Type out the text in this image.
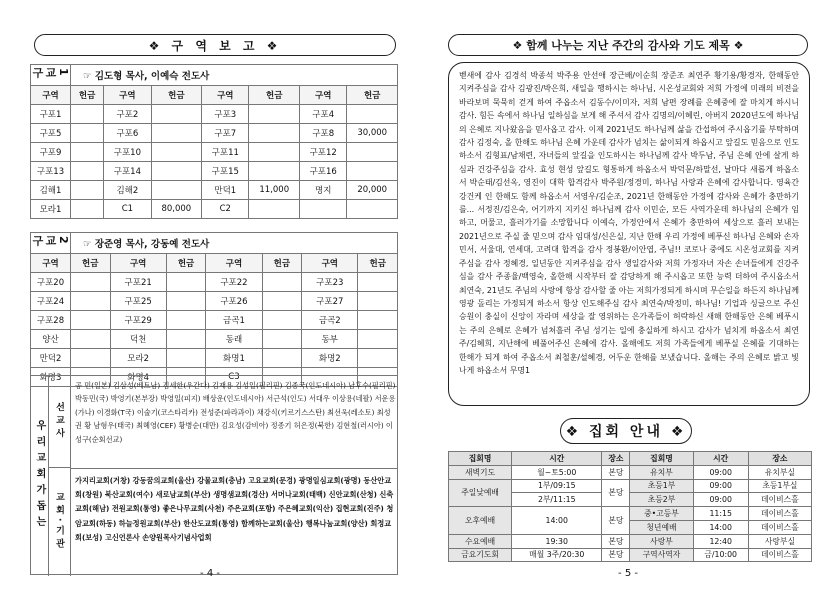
❖ 구 역 보 고 ❖
1교구	☞ 김도형 목사, 이예슥 전도사						
구역	헌금	구역	헌금	구역	헌금	구역	헌금
구포1		구포2		구포3		구포4	
구포5		구포6		구포7		구포8	30,000
구포9		구포10		구포11		구포12	
구포13		구포14		구포15		구포16	
김해1		김해2		만덕1	11,000	명지	20,000
모라1		C1	80,000	C2			
2교구	☞ 장준영 목사, 강동예 전도사						
구역	헌금	구역	헌금	구역	헌금	구역	헌금
구포20		구포21		구포22		구포23	
구포24		구포25		구포26		구포27	
구포28		구포29		금곡1		금곡2	
양산		덕천		동래		동부	
만덕2		모라2		화명1		화명2	
화명3		화명4		C3			
우리교회가돕는	선교사
교회·기관
공 민(일본) 김삼성(베트남) 김세한(우간다) 김재용 김성일(필리핀) 김종국(인도네시아) 남후수(필리핀) 박동민(국) 박영기(본부장) 박영일(피지) 배상운(인도네시아) 서근석(인도) 서대우 이상용(네팔) 서운용(가나) 이경화(T국) 이술기(코스타리카) 전성준(파라과이) 채강식(키르기스스탄) 최선욱(레소토) 최성권 황 남형우(태국) 최혜영(CEF) 황병순(대만) 김요성(감비아) 정종기 허은정(북한) 김현철(러시아) 이성구(순회선교)
가지리교회(거창) 강동꿈의교회(울산) 강물교회(충남) 고요교회(문경) 광명일심교회(광명) 동산안교회(창원) 북산교회(여수) 새로남교회(부산) 생명샘교회(경산) 서머나교회(태백) 신안교회(산청) 신축교회(해남) 전원교회(통영) 좋은나무교회(사천) 주은교회(포항) 주은혜교회(익산) 집현교회(진주) 청암교회(하동) 하늘정원교회(부산) 한산도교회(통영) 함께하는교회(울산) 행복나눔교회(양산) 회정교회(보성) 고신언론사 손양원목사기념사업회
- 4 -
❖ 함께 나누는 지난 주간의 감사와 기도 제목 ❖
벧새에 감사 김경석 박종석 박주용 안선애 장근배/이순희 장준조 최연주 황기용/황경자, 한해동안 지켜주심을 감사 김광진/박은희, 새일을 행하시는 하나님, 시온성교회와 저희 가정에 미래의 비전을 바라보며 묵묵히 걷게 하여 주옵소서 김동수/이미자, 저희 남편 장례를 은혜중에 잘 마치게 하시니 감사. 힘든 속에서 하나님 일하심을 보게 해 주셔서 감사 김명의/이혜린, 아버지 2020년도에 하나님의 은혜로 지나왔음을 믿사옵고 감사. 이제 2021년도 하나님께 삶을 간섭하여 주시옵기를 부탁하며 감사 김정숙, 올 한해도 하나님 은혜 가운데 감사가 넘치는 삶이되게 하옵시고 앞길도 믿음으로 인도하소서 김형표/남채련, 자녀들의 앞길을 인도하시는 하나님께 감사 박두남, 주님 은혜 안에 살게 하심과 건강주심을 감사. 효성 현성 앞길도 형통하게 하옵소서 박덕문/하말선, 날마다 새롭게 하옵소서 박순태/김선옥, 영진이 대학 합격감사 박주원/정경미, 하나님 사랑과 은혜에 감사합니다. 영육간 강건케 인 한해도 함께 하옵소서 서영우/김순조, 2021년 한해동안 가정에 감사와 은혜가 충만하기를... 서정진/김은숙, 어기까지 지키신 하나님께 감사 이민순, 모든 사역가운데 하나님의 은혜가 임하고, 머물고, 흘러가기를 소망합니다 이예슥, 가정안에서 은혜가 충만하여 세상으로 흘러 보내는 2021년으로 주실 줄 믿으며 감사 임대성/신은실, 지난 한해 우리 가정에 베푸신 하나님 은혜와 손자 민서, 서울대, 연세대, 고려대 합격을 감사 정봉환/이안엽, 주님!! 코로나 중에도 시온성교회를 지켜주심을 감사 정혜경, 일년동안 지켜주심을 감사 생일감사와 저희 가정자녀 자손 손녀들에게 건강주심을 감사 주종율/백영숙, 올한해 시작부터 잘 감당하게 해 주시옵고 또한 능력 더하여 주시옵소서 최연숙, 21년도 주님의 사랑에 항상 감사할 줄 아는 저희가정되게 하시며 무슨일을 하든지 하나님께 영광 돌리는 가정되게 하소서 항상 인도해주심 감사 최연숙/박정미, 하나님! 기업과 싱글으로 주신 승원이 충실이 신앙이 자라며 세상을 잘 영위하는 은가족들이 허락하신 새해 한해동안 은혜 베푸시는 주의 은혜로 은혜가 넘쳐흘러 주님 성기는 일에 충실하게 하시고 감사가 넘치게 하옵소서 최연주/김혜희, 지난해에 베풀어주신 은혜에 감사. 올해에도 저희 가족들에게 베푸실 은혜를 기대하는 한해가 되게 하여 주옵소서 최철훈/설혜경, 어두운 한해를 보냈습니다. 올해는 주의 은혜로 밝고 빛나게 하옵소서 무명1
❖ 집회 안내 ❖
집회명	시간	장소	집회명	시간	장소
새벽기도	월~토5:00	본당	유치부	09:00	유치부실
주일낮예배	1부/09:15	본당	초등1부	09:00	초등1부실
	2부/11:15		초등2부	09:00	데이비스홀
오후예배	14:00	본당	중•고등부	11:15	데이비스홀
			청년예배	14:00	데이비스홀
수요예배	19:30	본당	사랑부	12:40	사랑부실
금요기도회	매월 3주/20:30	본당	구역사역자	금/10:00	데이비스홀
- 5 -
